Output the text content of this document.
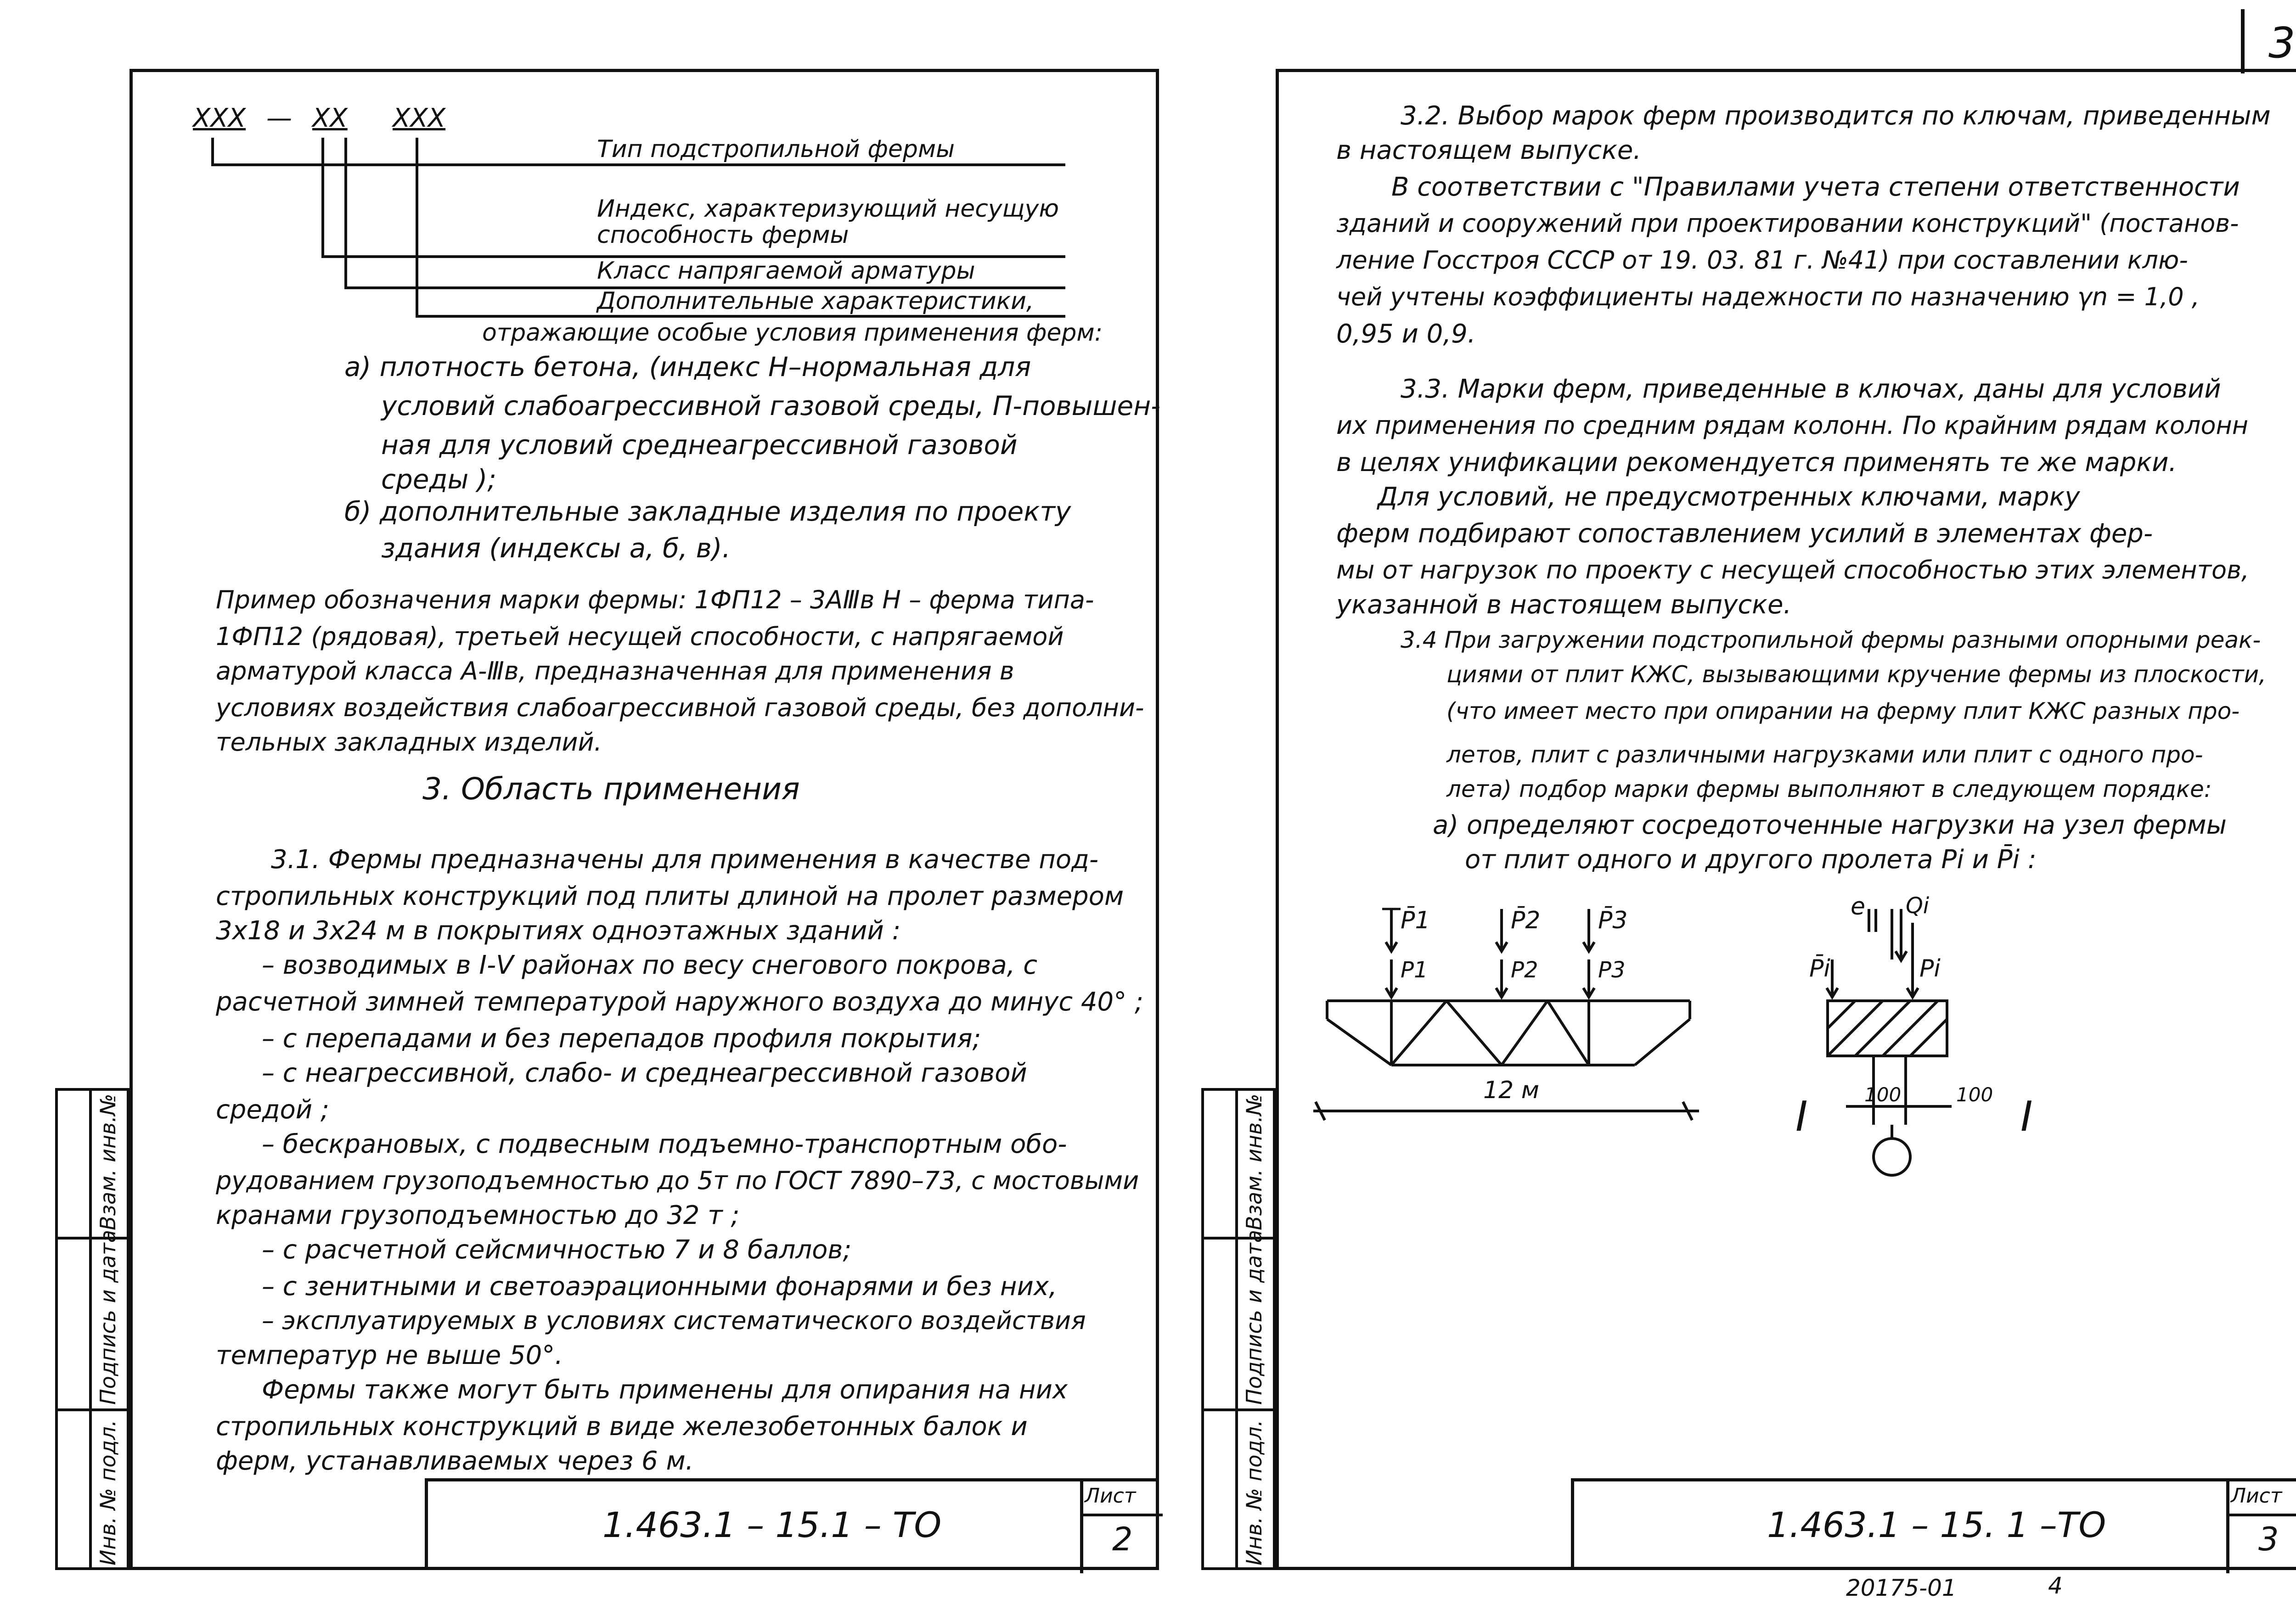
3
Взам. инв.№
Подпись и дата
Инв. № подл.
XXX — XX XXX
Тип подстропильной фермы
Индекс, характеризующий несущую
способность фермы
Класс напрягаемой арматуры
Дополнительные характеристики,
отражающие особые условия применения ферм:
а) плотность бетона, (индекс Н–нормальная для
условий слабоагрессивной газовой среды, П-повышен-
ная для условий среднеагрессивной газовой
среды );
б) дополнительные закладные изделия по проекту
здания (индексы а, б, в).
Пример обозначения марки фермы: 1ФП12 – 3АⅢв Н – ферма типа-
1ФП12 (рядовая), третьей несущей способности, с напрягаемой
арматурой класса А-Ⅲв, предназначенная для применения в
условиях воздействия слабоагрессивной газовой среды, без дополни-
тельных закладных изделий.
3. Область применения
3.1. Фермы предназначены для применения в качестве под-
стропильных конструкций под плиты длиной на пролет размером
3х18 и 3х24 м в покрытиях одноэтажных зданий :
– возводимых в Ⅰ-Ⅴ районах по весу снегового покрова, с
расчетной зимней температурой наружного воздуха до минус 40° ;
– с перепадами и без перепадов профиля покрытия;
– с неагрессивной, слабо- и среднеагрессивной газовой
средой ;
– бескрановых, с подвесным подъемно-транспортным обо-
рудованием грузоподъемностью до 5т по ГОСТ 7890–73, с мостовыми
кранами грузоподъемностью до 32 т ;
– с расчетной сейсмичностью 7 и 8 баллов;
– с зенитными и светоаэрационными фонарями и без них,
– эксплуатируемых в условиях систематического воздействия
температур не выше 50°.
Фермы также могут быть применены для опирания на них
стропильных конструкций в виде железобетонных балок и
ферм, устанавливаемых через 6 м.
1.463.1 – 15.1 – ТО
Лист
2
Взам. инв.№
Подпись и дата
Инв. № подл.
3.2. Выбор марок ферм производится по ключам, приведенным
в настоящем выпуске.
В соответствии с "Правилами учета степени ответственности
зданий и сооружений при проектировании конструкций" (постанов-
ление Госстроя СССР от 19. 03. 81 г. №41) при составлении клю-
чей учтены коэффициенты надежности по назначению γn = 1,0 ,
0,95 и 0,9.
3.3. Марки ферм, приведенные в ключах, даны для условий
их применения по средним рядам колонн. По крайним рядам колонн
в целях унификации рекомендуется применять те же марки.
Для условий, не предусмотренных ключами, марку
ферм подбирают сопоставлением усилий в элементах фер-
мы от нагрузок по проекту с несущей способностью этих элементов,
указанной в настоящем выпуске.
3.4 При загружении подстропильной фермы разными опорными реак-
циями от плит КЖС, вызывающими кручение фермы из плоскости,
(что имеет место при опирании на ферму плит КЖС разных про-
летов, плит с различными нагрузками или плит с одного про-
лета) подбор марки фермы выполняют в следующем порядке:
а) определяют сосредоточенные нагрузки на узел фермы
от плит одного и другого пролета Pi и P̄i :
P̄1	P̄2 P̄3
P1	P2	P3
12 м
e Qi
P̄i	Pi
100	100
I	I
1.463.1 – 15. 1 –ТО
Лист
3
20175-01	4
